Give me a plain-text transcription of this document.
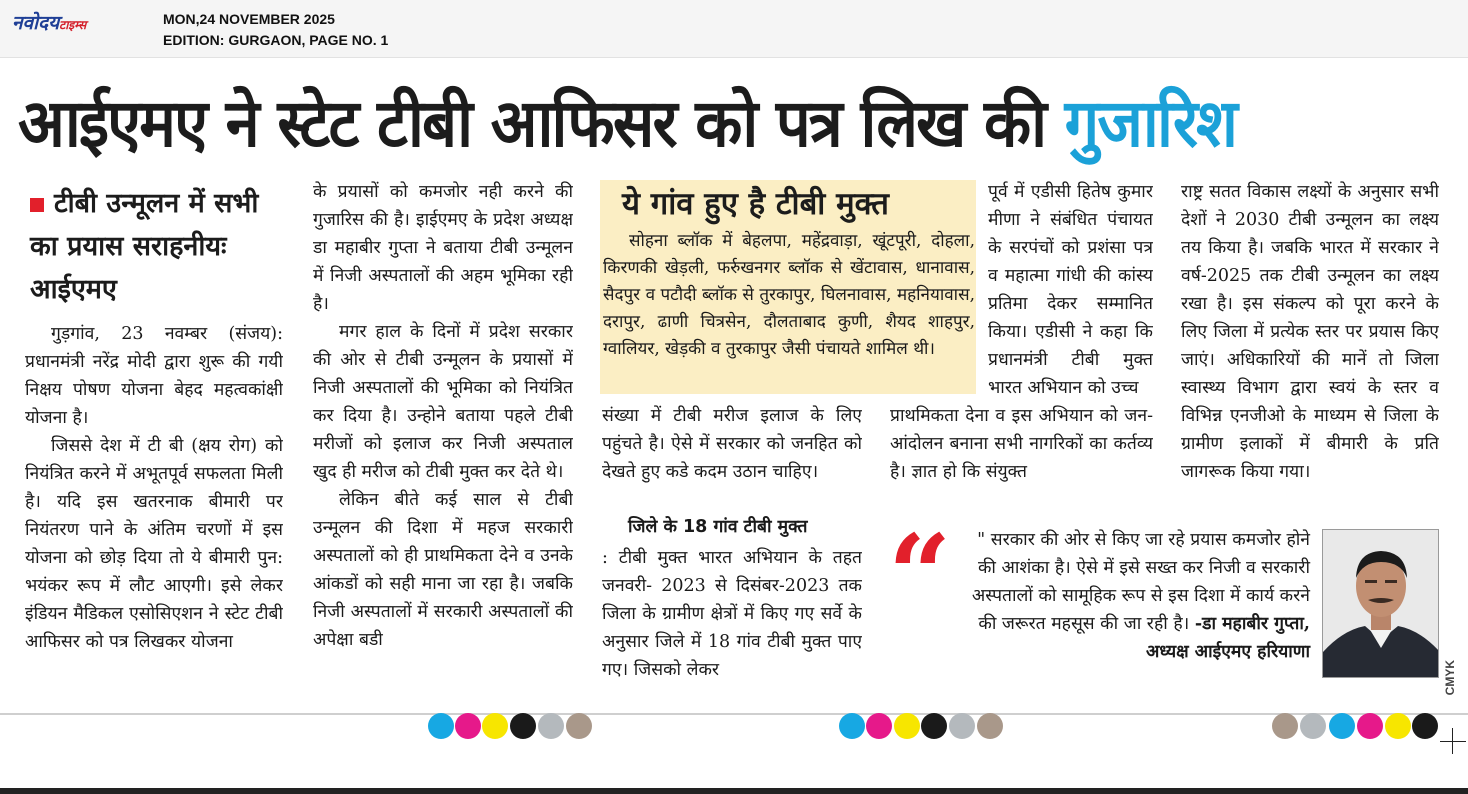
नवोदयटाइम्स	MON,24 NOVEMBER 2025
EDITION: GURGAON, PAGE NO. 1
आईएमए ने स्टेट टीबी आफिसर को पत्र लिख की गुजारिश
टीबी उन्मूलन में सभी का प्रयास सराहनीयः आईएमए

गुड़गांव, 23 नवम्बर (संजय): प्रधानमंत्री नरेंद्र मोदी द्वारा शुरू की गयी निक्षय पोषण योजना बेहद महत्वकांक्षी योजना है।

जिससे देश में टी बी (क्षय रोग) को नियंत्रित करने में अभूतपूर्व सफलता मिली है। यदि इस खतरनाक बीमारी पर नियंतरण पाने के अंतिम चरणों में इस योजना को छोड़ दिया तो ये बीमारी पुन: भयंकर रूप में लौट आएगी। इसे लेकर इंडियन मैडिकल एसोसिएशन ने स्टेट टीबी आफिसर को पत्र लिखकर योजना

के प्रयासों को कमजोर नही करने की गुजारिस की है। इाईएमए के प्रदेश अध्यक्ष डा महाबीर गुप्ता ने बताया टीबी उन्मूलन में निजी अस्पतालों की अहम भूमिका रही है।

मगर हाल के दिनों में प्रदेश सरकार की ओर से टीबी उन्मूलन के प्रयासों में निजी अस्पतालों की भूमिका को नियंत्रित कर दिया है। उन्होने बताया पहले टीबी मरीजों को इलाज कर निजी अस्पताल खुद ही मरीज को टीबी मुक्त कर देते थे।

लेकिन बीते कई साल से टीबी उन्मूलन की दिशा में महज सरकारी अस्पतालों को ही प्राथमिकता देने व उनके आंकडों को सही माना जा रहा है। जबकि निजी अस्पतालों में सरकारी अस्पतालों की अपेक्षा बडी

ये गांव हुए है टीबी मुक्त
सोहना ब्लॉक में बेहलपा, महेंद्रवाड़ा, खूंटपूरी, दोहला, किरणकी खेड़ली, फर्रुखनगर ब्लॉक से खेंटावास, धानावास, सैदपुर व पटौदी ब्लॉक से तुरकापुर, घिलनावास, महनियावास, दरापुर, ढाणी चित्रसेन, दौलताबाद कुणी, शैयद शाहपुर, ग्वालियर, खेड़की व तुरकापुर जैसी पंचायते शामिल थी।

संख्या में टीबी मरीज इलाज के लिए पहुंचते है। ऐसे में सरकार को जनहित को देखते हुए कडे कदम उठान चाहिए।

जिले के 18 गांव टीबी मुक्त

: टीबी मुक्त भारत अभियान के तहत जनवरी- 2023 से दिसंबर-2023 तक जिला के ग्रामीण क्षेत्रों में किए गए सर्वे के अनुसार जिले में 18 गांव टीबी मुक्त पाए गए। जिसको लेकर

पूर्व में एडीसी हितेष कुमार मीणा ने संबंधित पंचायत के सरपंचों को प्रशंसा पत्र व महात्मा गांधी की कांस्य प्रतिमा देकर सम्मानित किया। एडीसी ने कहा कि प्रधानमंत्री टीबी मुक्त भारत अभियान को उच्च

प्राथमिकता देना व इस अभियान को जन-आंदोलन बनाना सभी नागरिकों का कर्तव्य है। ज्ञात हो कि संयुक्त

राष्ट्र सतत विकास लक्ष्यों के अनुसार सभी देशों ने 2030 टीबी उन्मूलन का लक्ष्य तय किया है। जबकि भारत में सरकार ने वर्ष-2025 तक टीबी उन्मूलन का लक्ष्य रखा है। इस संकल्प को पूरा करने के लिए जिला में प्रत्येक स्तर पर प्रयास किए जाएं। अधिकारियों की मानें तो जिला स्वास्थ्य विभाग द्वारा स्वयं के स्तर व विभिन्न एनजीओ के माध्यम से जिला के ग्रामीण इलाकों में बीमारी के प्रति जागरूक किया गया।

“	" सरकार की ओर से किए जा रहे प्रयास कमजोर होने की आशंका है। ऐसे में इसे सख्त कर निजी व सरकारी अस्पतालों को सामूहिक रूप से इस दिशा में कार्य करने की जरूरत महसूस की जा रही है। -डा महाबीर गुप्ता, अध्यक्ष आईएमए हरियाणा
CMYK
